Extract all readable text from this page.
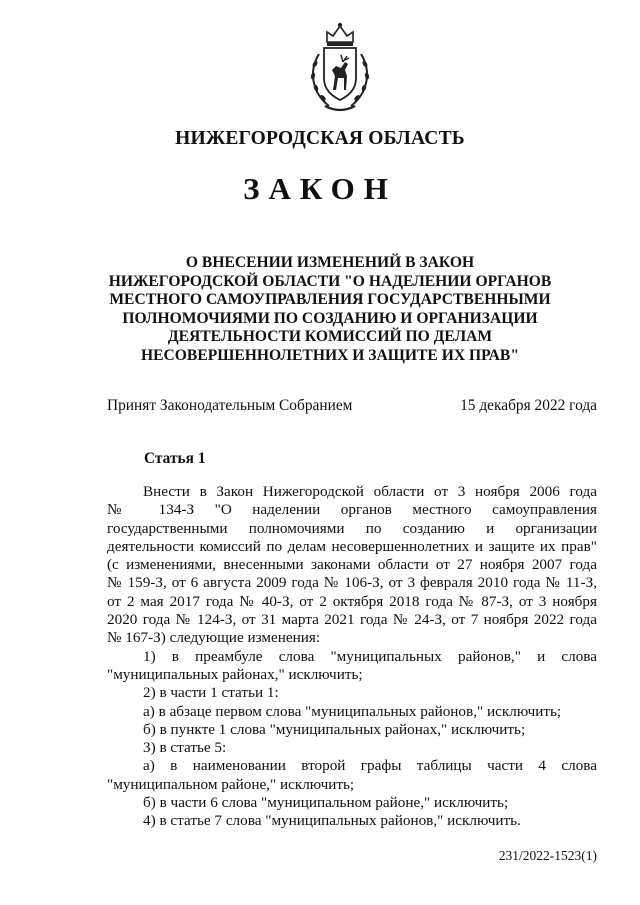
НИЖЕГОРОДСКАЯ ОБЛАСТЬ
ЗАКОН
О ВНЕСЕНИИ ИЗМЕНЕНИЙ В ЗАКОН
НИЖЕГОРОДСКОЙ ОБЛАСТИ "О НАДЕЛЕНИИ ОРГАНОВ
МЕСТНОГО САМОУПРАВЛЕНИЯ ГОСУДАРСТВЕННЫМИ
ПОЛНОМОЧИЯМИ ПО СОЗДАНИЮ И ОРГАНИЗАЦИИ
ДЕЯТЕЛЬНОСТИ КОМИССИЙ ПО ДЕЛАМ
НЕСОВЕРШЕННОЛЕТНИХ И ЗАЩИТЕ ИХ ПРАВ"
Принят Законодательным Собранием	15 декабря 2022 года
Статья 1

Внести в Закон Нижегородской области от 3 ноября 2006 года

№ 134-З "О наделении органов местного самоуправления

государственными полномочиями по созданию и организации

деятельности комиссий по делам несовершеннолетних и защите их прав"

(с изменениями, внесенными законами области от 27 ноября 2007 года

№ 159-З, от 6 августа 2009 года № 106-З, от 3 февраля 2010 года № 11-З,

от 2 мая 2017 года № 40-З, от 2 октября 2018 года № 87-З, от 3 ноября

2020 года № 124-З, от 31 марта 2021 года № 24-З, от 7 ноября 2022 года

№ 167-З) следующие изменения:

1) в преамбуле слова "муниципальных районов," и слова

"муниципальных районах," исключить;

2) в части 1 статьи 1:

а) в абзаце первом слова "муниципальных районов," исключить;

б) в пункте 1 слова "муниципальных районах," исключить;

3) в статье 5:

а) в наименовании второй графы таблицы части 4 слова

"муниципальном районе," исключить;

б) в части 6 слова "муниципальном районе," исключить;

4) в статье 7 слова "муниципальных районов," исключить.

231/2022-1523(1)
